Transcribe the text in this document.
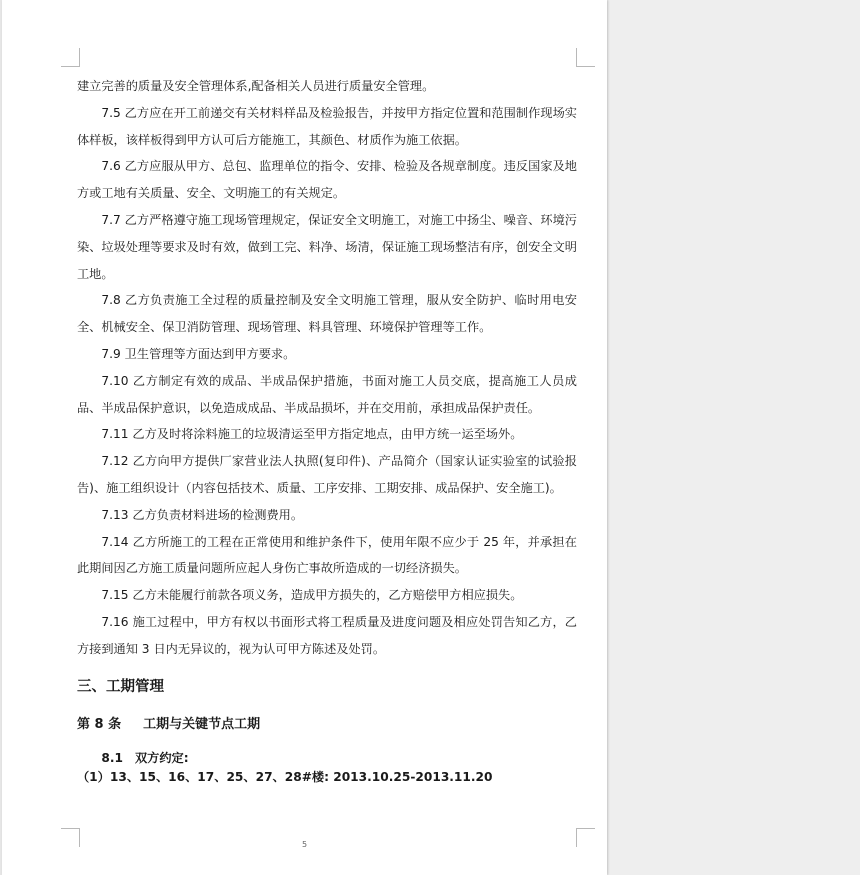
建立完善的质量及安全管理体系,配备相关人员进行质量安全管理。

7.5 乙方应在开工前递交有关材料样品及检验报告，并按甲方指定位置和范围制作现场实体样板，该样板得到甲方认可后方能施工，其颜色、材质作为施工依据。

7.6 乙方应服从甲方、总包、监理单位的指令、安排、检验及各规章制度。违反国家及地方或工地有关质量、安全、文明施工的有关规定。

7.7 乙方严格遵守施工现场管理规定，保证安全文明施工，对施工中扬尘、噪音、环境污染、垃圾处理等要求及时有效，做到工完、料净、场清，保证施工现场整洁有序，创安全文明工地。

7.8 乙方负责施工全过程的质量控制及安全文明施工管理，服从安全防护、临时用电安全、机械安全、保卫消防管理、现场管理、料具管理、环境保护管理等工作。

7.9 卫生管理等方面达到甲方要求。

7.10 乙方制定有效的成品、半成品保护措施，书面对施工人员交底，提高施工人员成品、半成品保护意识，以免造成成品、半成品损坏，并在交用前，承担成品保护责任。

7.11 乙方及时将涂料施工的垃圾清运至甲方指定地点，由甲方统一运至场外。

7.12 乙方向甲方提供厂家营业法人执照(复印件)、产品简介（国家认证实验室的试验报告)、施工组织设计（内容包括技术、质量、工序安排、工期安排、成品保护、安全施工)。

7.13 乙方负责材料进场的检测费用。

7.14 乙方所施工的工程在正常使用和维护条件下，使用年限不应少于 25 年，并承担在此期间因乙方施工质量问题所应起人身伤亡事故所造成的一切经济损失。

7.15 乙方未能履行前款各项义务，造成甲方损失的，乙方赔偿甲方相应损失。

7.16 施工过程中，甲方有权以书面形式将工程质量及进度问题及相应处罚告知乙方，乙方接到通知 3 日内无异议的，视为认可甲方陈述及处罚。

三、工期管理
第 8 条 工期与关键节点工期
8.1 双方约定:
（1）13、15、16、17、25、27、28#楼: 2013.10.25-2013.11.20
5
